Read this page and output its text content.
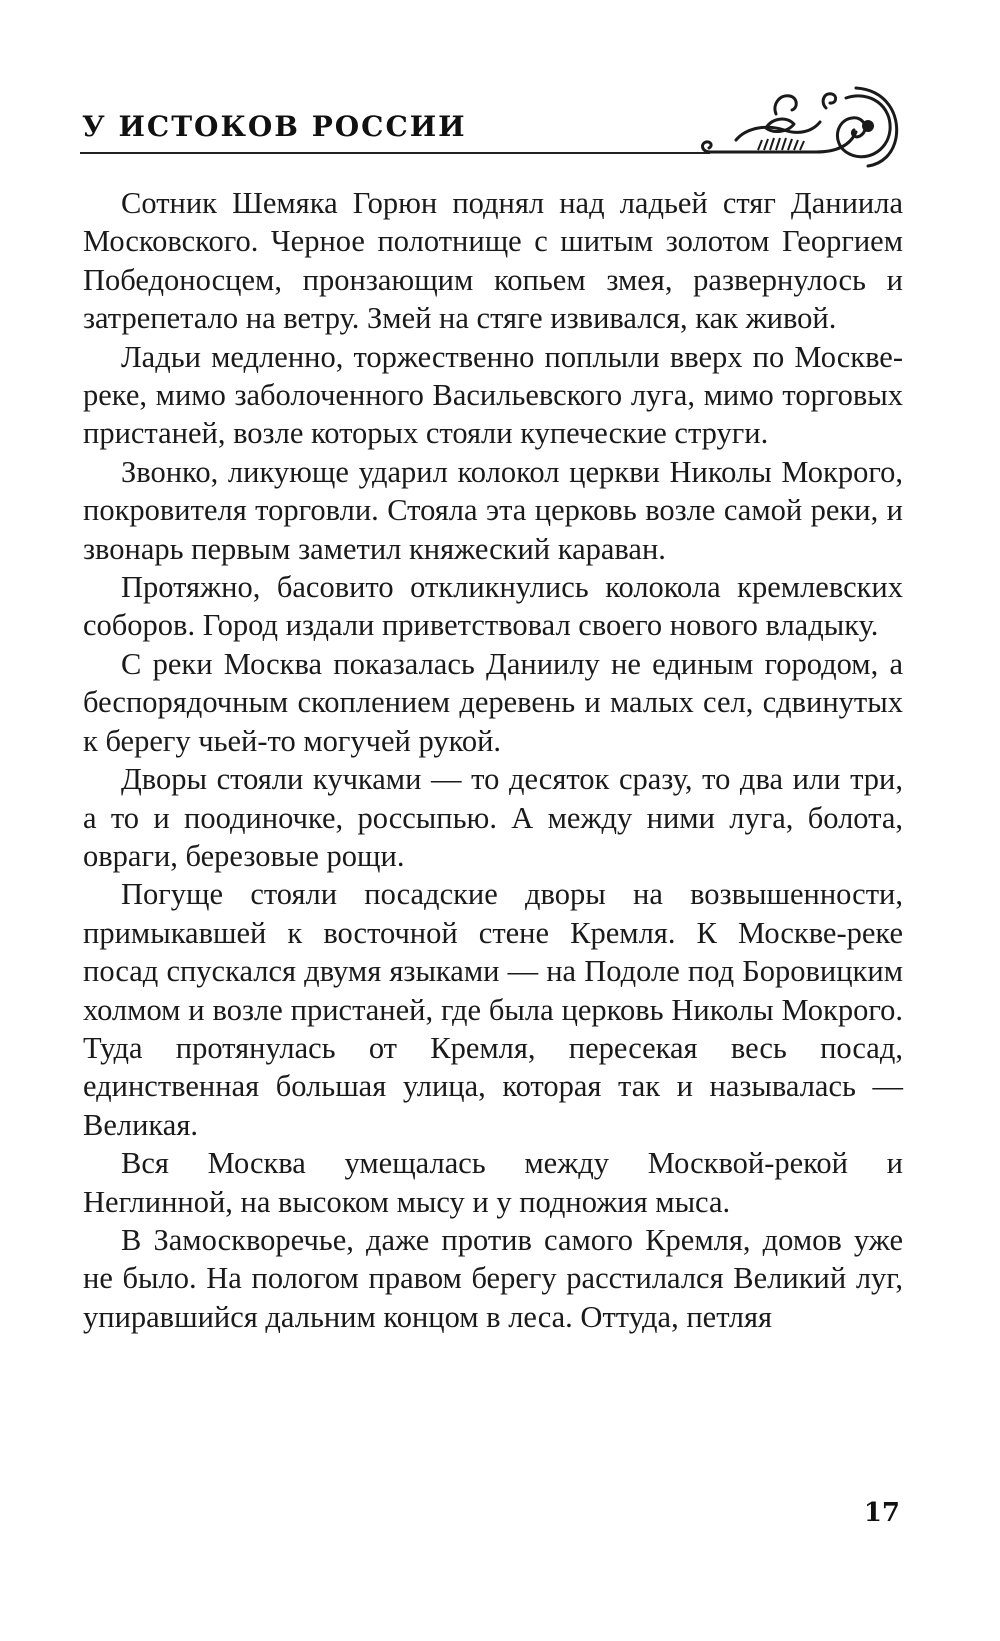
У ИСТОКОВ РОССИИ

Сотник Шемяка Горюн поднял над ладьей стяг Даниила Московского. Черное полотнище с шитым золотом Георгием Победоносцем, пронзающим копьем змея, развернулось и затрепетало на ветру. Змей на стяге извивался, как живой.

Ладьи медленно, торжественно поплыли вверх по Москве-реке, мимо заболоченного Васильевского луга, мимо торговых пристаней, возле которых стояли купеческие струги.

Звонко, ликующе ударил колокол церкви Николы Мокрого, покровителя торговли. Стояла эта церковь возле самой реки, и звонарь первым заметил княжеский караван.

Протяжно, басовито откликнулись колокола кремлевских соборов. Город издали приветствовал своего нового владыку.

С реки Москва показалась Даниилу не единым городом, а беспорядочным скоплением деревень и малых сел, сдвинутых к берегу чьей-то могучей рукой.

Дворы стояли кучками — то десяток сразу, то два или три, а то и поодиночке, россыпью. А между ними луга, болота, овраги, березовые рощи.

Погуще стояли посадские дворы на возвышенности, примыкавшей к восточной стене Кремля. К Москве-реке посад спускался двумя языками — на Подоле под Боровицким холмом и возле пристаней, где была церковь Николы Мокрого. Туда протянулась от Кремля, пересекая весь посад, единственная большая улица, которая так и называлась — Великая.

Вся Москва умещалась между Москвой-рекой и Неглинной, на высоком мысу и у подножия мыса.

В Замоскворечье, даже против самого Кремля, домов уже не было. На пологом правом берегу расстилался Великий луг, упиравшийся дальним концом в леса. Оттуда, петляя

17
